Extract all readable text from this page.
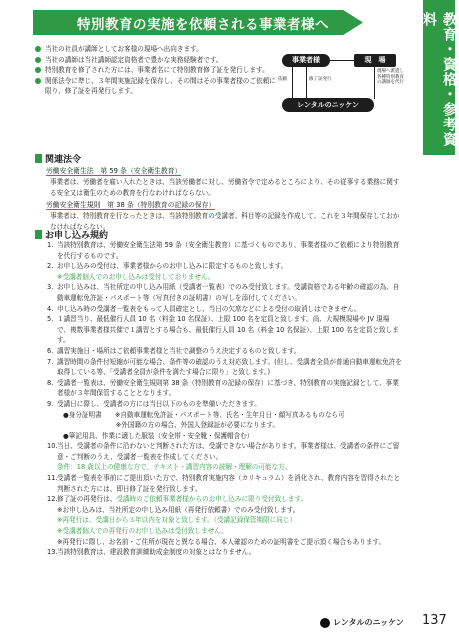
教育・資格・参考資料
特別教育の実施を依頼される事業者様へ
当社の社員が講師としてお客様の現場へ出向きます。
当社の講師は当社講師認定資格者で豊かな実務経験者です。
特別教育を修了された方には、事業者名にて特別教育修了証を発行します。
関係法令に準じ、３年間実施記録を保存し、その間はその事業者様のご依頼に限り、修了証を再発行します。
事業者様	現　場
依頼	修了証発行
現場へ派遣し各種特別教育の講師を代行
レンタルのニッケン
関連法令
労働安全衛生法　第 59 条（安全衛生教育）
事業者は、労働者を雇い入れたときは、当該労働者に対し、労働省令で定めるところにより、その従事する業務に関する安全又は衛生のための教育を行なわければならない。
労働安全衛生規則　第 38 条（特別教育の記録の保存）
事業者は、特別教育を行なったときは、当該特別教育の受講者、科目等の記録を作成して、これを３年間保存しておかなければならない。
お申し込み規約
1. 当該特別教育は、労働安全衛生法第 59 条（安全衛生教育）に基づくものであり、事業者様のご依頼により特別教育を代行するものです。
2. お申し込みの受付は、事業者様からのお申し込みに限定するものと致します。
※受講者個人でのお申し込みは受付しておりません。
3. お申し込みは、当社所定の申し込み用紙（受講者一覧表）でのみ受付致します。受講資格である年齢の確認の為、自動車運転免許証・パスポート等（写真付きの証明書）の写しを添付してください。
4. 申し込み時の受講者一覧表をもって人員確定とし、当日の欠席などによる受付の取消しはできません。
5. １講習当り、最低催行人員 10 名（料金 10 名保証）、上限 100 名を定員と致します。尚、大規模現場や JV 現場で、複数事業者様共催で１講習とする場合も、最低催行人員 10 名（料金 10 名保証）、上限 100 名を定員と致します。
6. 講習実施日・場所はご依頼事業者様と当社で調整のうえ決定するものと致します。
7. 講習時間の条件付短縮が可能な場合、条件等の確認のうえ対応致します。(但し、受講者全員が普通自動車運転免許を取得している等、「受講者全員が条件を満たす場合に限り」と致します。)
8. 受講者一覧表は、労働安全衛生規則第 38 条（特別教育の記録の保存）に基づき、特別教育の実施記録として、事業者様が３年間保管することとなります。
9. 受講日に際し、受講者の方には当日以下のものを準備いただきます。
●身分証明書　　※自動車運転免許証・パスポート等、氏名・生年月日・顔写真あるものなら可
　　　　　　　　※外国籍の方の場合、外国人登録証が必要になります。
●筆記用具、作業に適した服装（安全帯・安全靴・保護帽含む）
10. 当日、受講者の条件に沿わないと判断された方は、受講できない場合があります。事業者様は、受講者の条件にご留意・ご判断のうえ、受講者一覧表を作成してください。
条件：18 歳以上の健康な方で、テキスト・講習内容の読解・理解の可能な方。
11. 受講者一覧表を事前にご提出頂いた方で、特別教育実施内容（カリキュラム）を消化され、教育内容を習得されたと判断された方には、即日修了証を発行致します。
12. 修了証の再発行は、受講時のご依頼事業者様からのお申し込みに限り受付致します。
※お申し込みは、当社所定の申し込み用紙（再発行依頼書）でのみ受付致します。
※再発行は、受講日から３年以内を対象と致します。（受講記録保管期限に同じ）
※受講者個人での再発行のお申し込みは受付致しません。
※再発行に際し、お名前・ご住所が現在と異なる場合、本人確認のための証明書をご提示頂く場合もあります。
13. 当該特別教育は、建設教育訓練助成金制度の対象とはなりません。
レンタルのニッケン 137
